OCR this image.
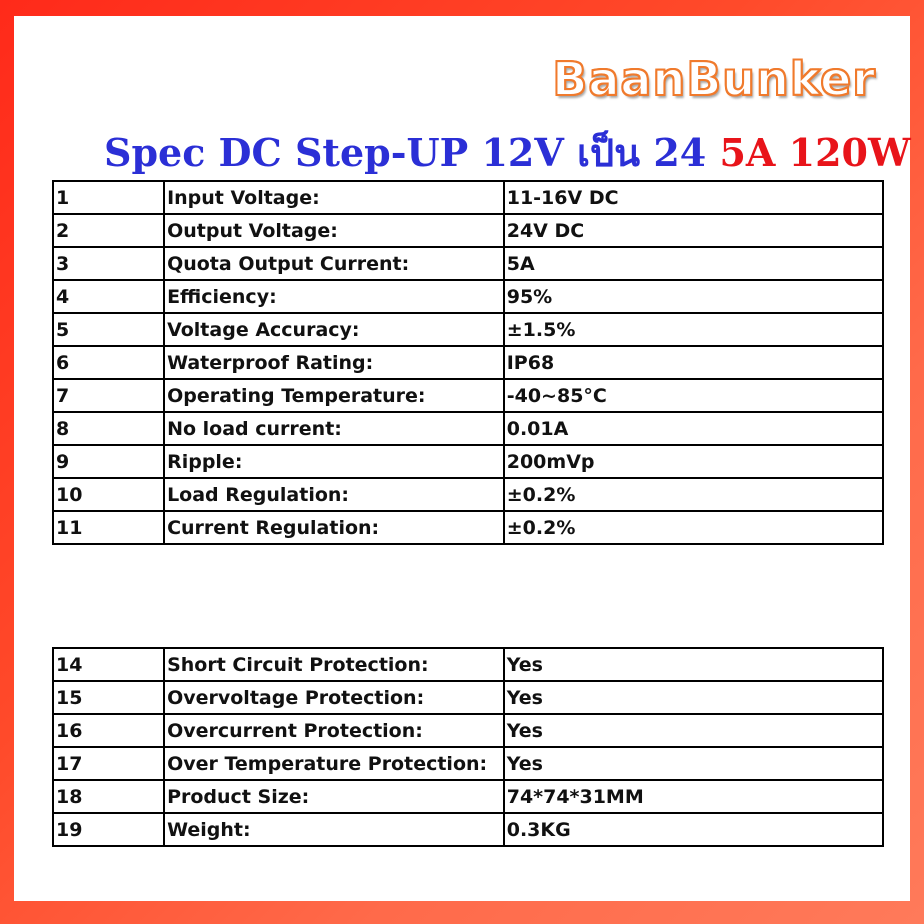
BaanBunker
Spec DC Step-UP 12V เป็น 24 5A 120W
1	Input Voltage:	11-16V DC
2	Output Voltage:	24V DC
3	Quota Output Current:	5A
4	Efficiency:	95%
5	Voltage Accuracy:	±1.5%
6	Waterproof Rating:	IP68
7	Operating Temperature:	-40~85°C
8	No load current:	0.01A
9	Ripple:	200mVp
10	Load Regulation:	±0.2%
11	Current Regulation:	±0.2%

14	Short Circuit Protection:	Yes
15	Overvoltage Protection:	Yes
16	Overcurrent Protection:	Yes
17	Over Temperature Protection:	Yes
18	Product Size:	74*74*31MM
19	Weight:	0.3KG
